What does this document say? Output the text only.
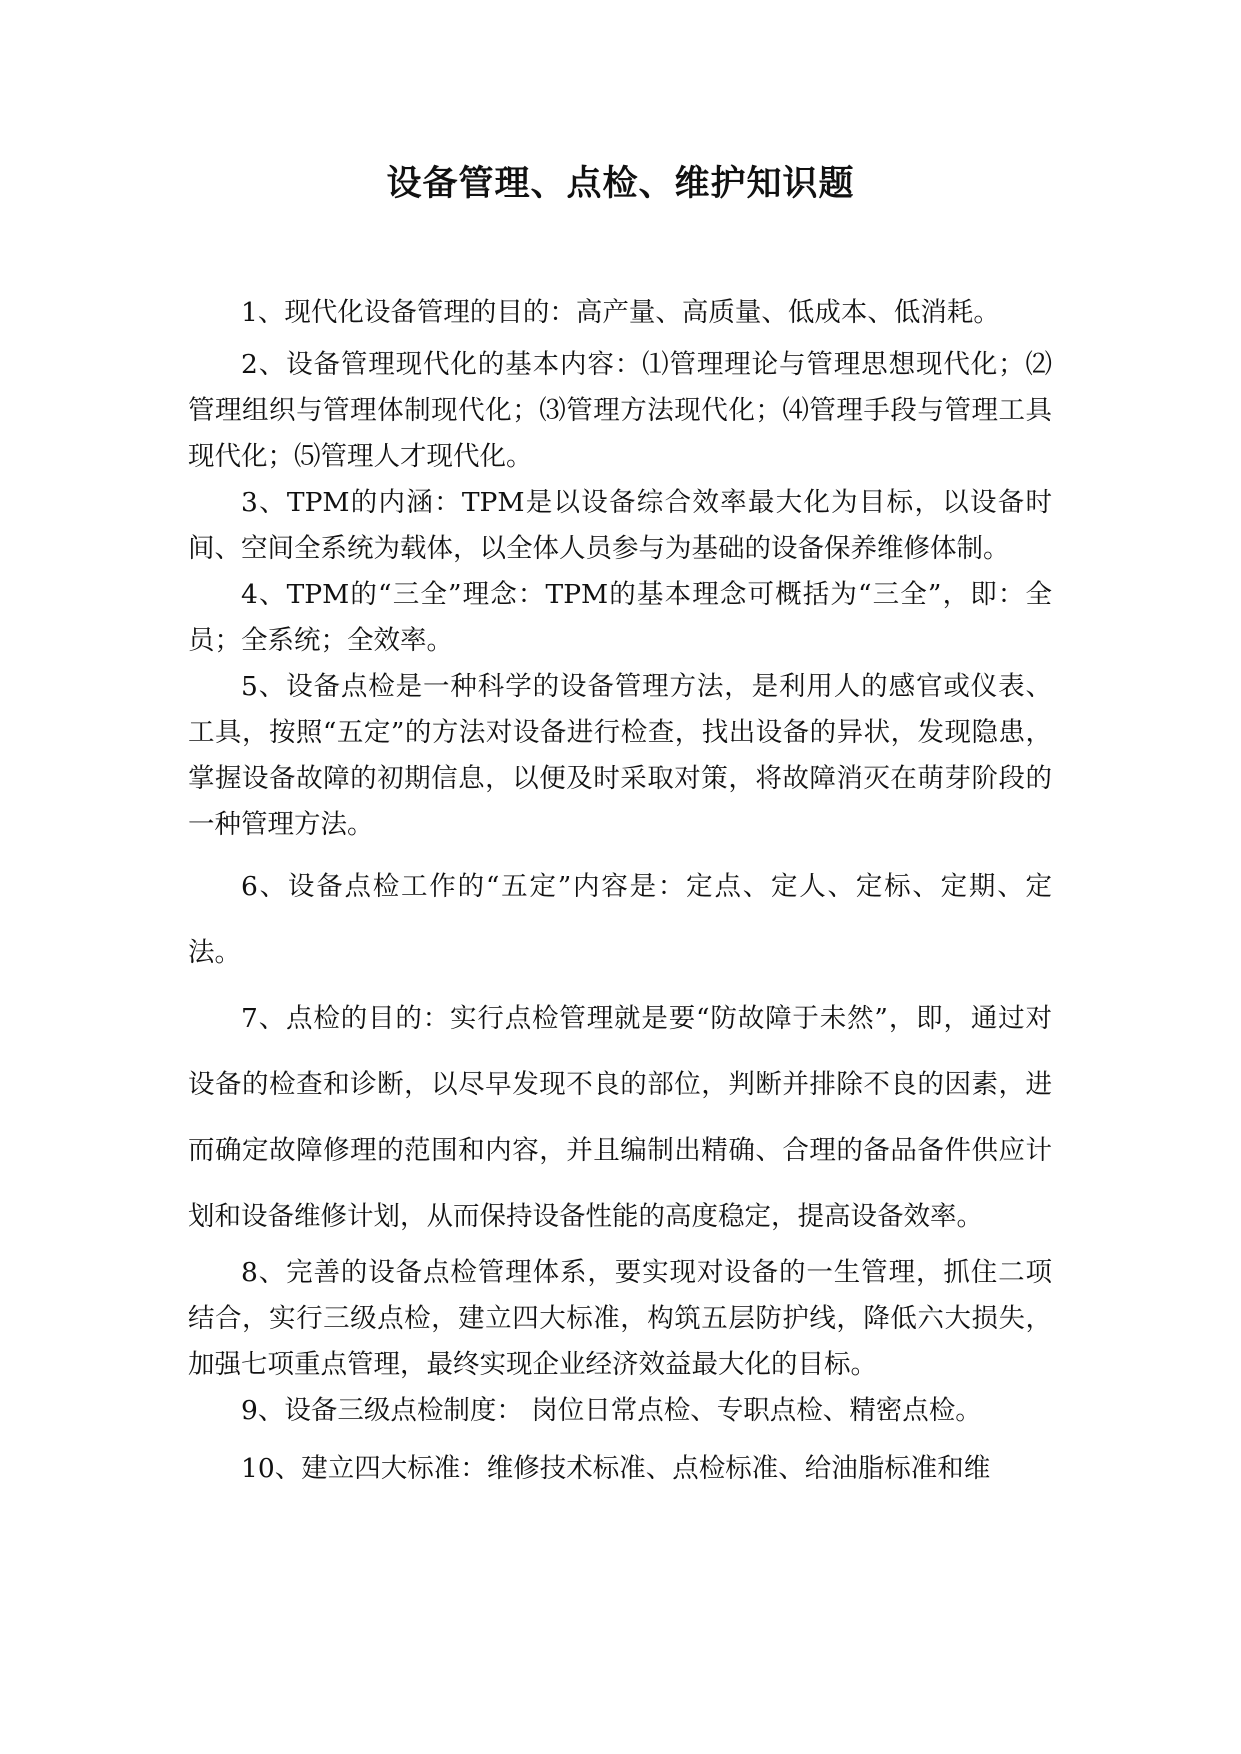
设备管理、点检、维护知识题

1、现代化设备管理的目的：高产量、高质量、低成本、低消耗。

2、设备管理现代化的基本内容：⑴管理理论与管理思想现代化；⑵管理组织与管理体制现代化；⑶管理方法现代化；⑷管理手段与管理工具现代化；⑸管理人才现代化。

3、TPM的内涵：TPM是以设备综合效率最大化为目标，以设备时间、空间全系统为载体，以全体人员参与为基础的设备保养维修体制。

4、TPM的“三全”理念：TPM的基本理念可概括为“三全”，即：全员；全系统；全效率。

5、设备点检是一种科学的设备管理方法，是利用人的感官或仪表、工具，按照“五定”的方法对设备进行检查，找出设备的异状，发现隐患，掌握设备故障的初期信息，以便及时采取对策，将故障消灭在萌芽阶段的一种管理方法。

6、设备点检工作的“五定”内容是：定点、定人、定标、定期、定法。

7、点检的目的：实行点检管理就是要“防故障于未然”，即，通过对设备的检查和诊断，以尽早发现不良的部位，判断并排除不良的因素，进而确定故障修理的范围和内容，并且编制出精确、合理的备品备件供应计划和设备维修计划，从而保持设备性能的高度稳定，提高设备效率。

8、完善的设备点检管理体系，要实现对设备的一生管理，抓住二项结合，实行三级点检，建立四大标准，构筑五层防护线，降低六大损失，加强七项重点管理，最终实现企业经济效益最大化的目标。

9、设备三级点检制度： 岗位日常点检、专职点检、精密点检。

10、建立四大标准：维修技术标准、点检标准、给油脂标准和维
